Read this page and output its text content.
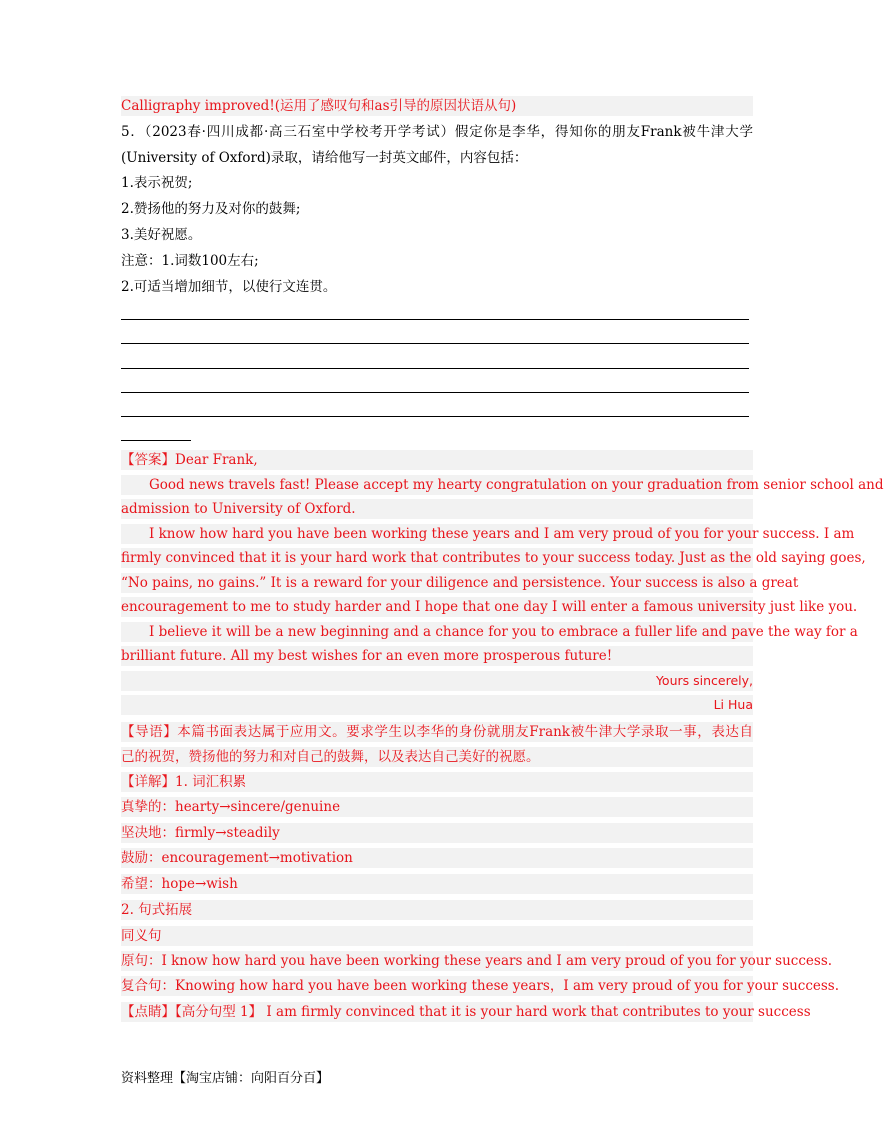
Calligraphy improved!(运用了感叹句和as引导的原因状语从句)
5．（2023春·四川成都·高三石室中学校考开学考试）假定你是李华，得知你的朋友Frank被牛津大学
(University of Oxford)录取，请给他写一封英文邮件，内容包括：
1.表示祝贺;
2.赞扬他的努力及对你的鼓舞;
3.美好祝愿。
注意：1.词数100左右;
2.可适当增加细节，以使行文连贯。
【答案】Dear Frank,
Good news travels fast! Please accept my hearty congratulation on your graduation from senior school and
admission to University of Oxford.
I know how hard you have been working these years and I am very proud of you for your success. I am
firmly convinced that it is your hard work that contributes to your success today. Just as the old saying goes,
“No pains, no gains.” It is a reward for your diligence and persistence. Your success is also a great
encouragement to me to study harder and I hope that one day I will enter a famous university just like you.
I believe it will be a new beginning and a chance for you to embrace a fuller life and pave the way for a
brilliant future. All my best wishes for an even more prosperous future!
Yours sincerely,
Li Hua
【导语】本篇书面表达属于应用文。要求学生以李华的身份就朋友Frank被牛津大学录取一事，表达自
己的祝贺，赞扬他的努力和对自己的鼓舞，以及表达自己美好的祝愿。
【详解】1. 词汇积累
真挚的：hearty→sincere/genuine
坚决地：firmly→steadily
鼓励：encouragement→motivation
希望：hope→wish
2. 句式拓展
同义句
原句：I know how hard you have been working these years and I am very proud of you for your success.
复合句：Knowing how hard you have been working these years，I am very proud of you for your success.
【点睛】【高分句型 1】 I am firmly convinced that it is your hard work that contributes to your success
资料整理【淘宝店铺：向阳百分百】
